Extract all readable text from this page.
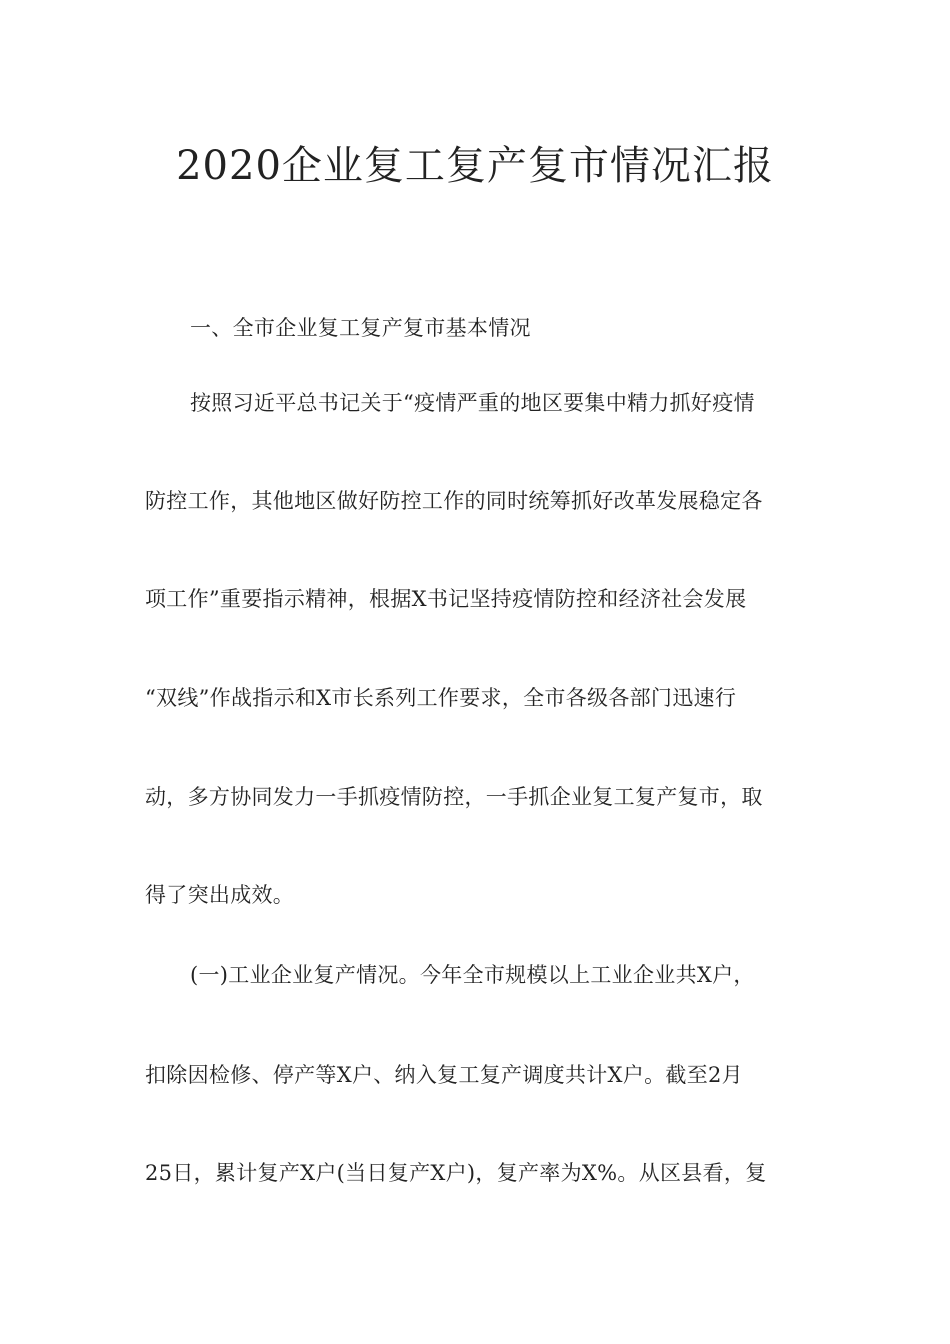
2020企业复工复产复市情况汇报
一、全市企业复工复产复市基本情况
按照习近平总书记关于“疫情严重的地区要集中精力抓好疫情
防控工作，其他地区做好防控工作的同时统筹抓好改革发展稳定各
项工作”重要指示精神，根据X书记坚持疫情防控和经济社会发展
“双线”作战指示和X市长系列工作要求，全市各级各部门迅速行
动，多方协同发力一手抓疫情防控，一手抓企业复工复产复市，取
得了突出成效。
(一)工业企业复产情况。今年全市规模以上工业企业共X户，
扣除因检修、停产等X户、纳入复工复产调度共计X户。截至2月
25日，累计复产X户(当日复产X户)，复产率为X%。从区县看，复
